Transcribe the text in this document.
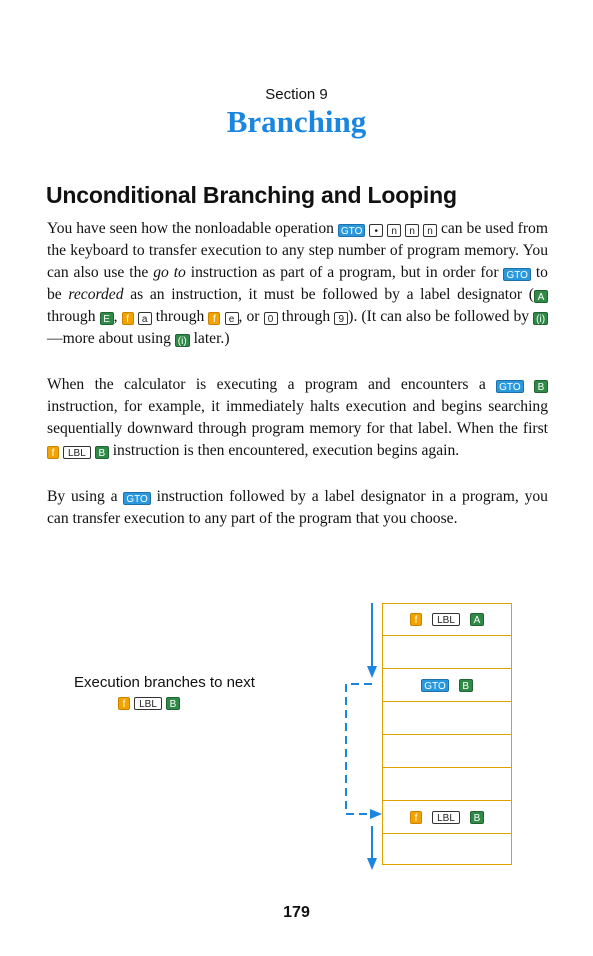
Section 9
Branching
Unconditional Branching and Looping

You have seen how the nonloadable operation GTO • n n n can be used from the keyboard to transfer execution to any step number of program memory. You can also use the go to instruction as part of a program, but in order for GTO to be recorded as an instruction, it must be followed by a label designator ( A through E , f a through f e , or 0 through 9 ). (It can also be followed by (i)—more about using (i) later.)

When the calculator is executing a program and encounters a GTO B instruction, for example, it immediately halts execution and begins searching sequentially downward through program memory for that label. When the first f LBL B instruction is then encountered, execution begins again.

By using a GTO instruction followed by a label designator in a program, you can transfer execution to any part of the program that you choose.

Execution branches to next
f LBL B
f	LBL	A
GTO	B
f	LBL	B
179
